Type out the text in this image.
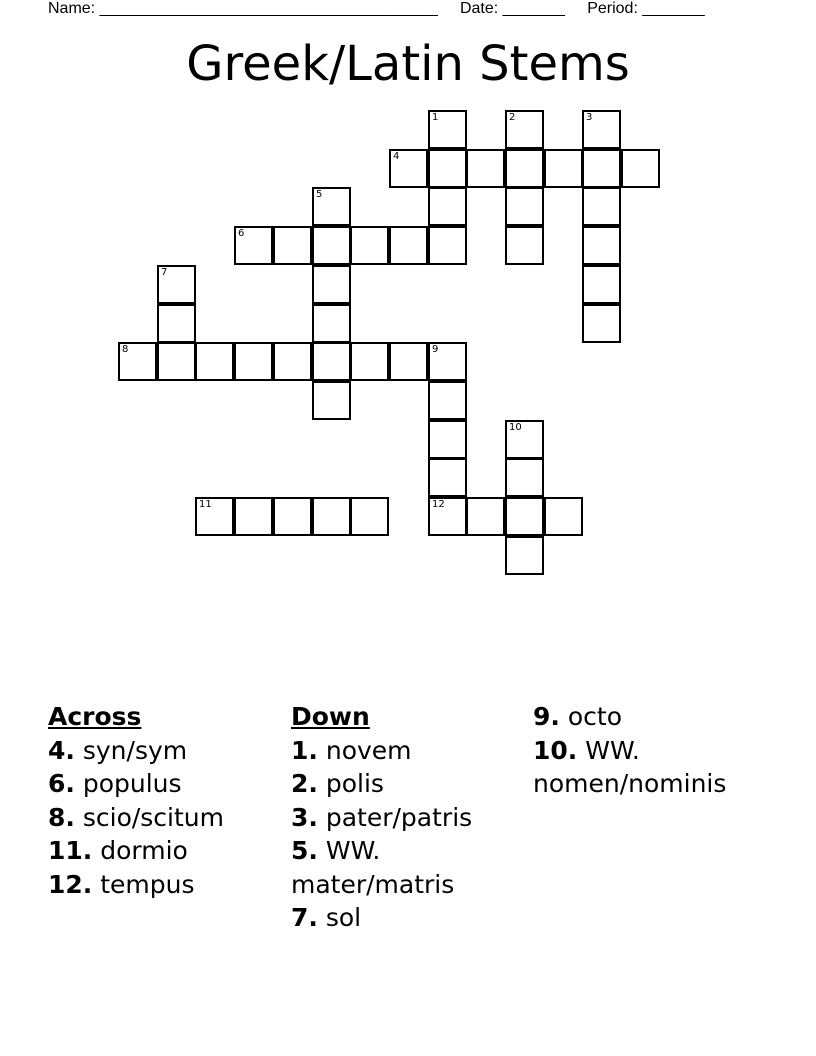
Name: ______________________________________ Date: _______ Period: _______
Greek/Latin Stems
1	2	3
4
5
6
7
8	9
12
10
11
Across
4. syn/sym
6. populus
8. scio/scitum
11. dormio
12. tempus
Down
1. novem
2. polis
3. pater/patris
5. WW. mater/matris
7. sol
9. octo
10. WW. nomen/nominis
